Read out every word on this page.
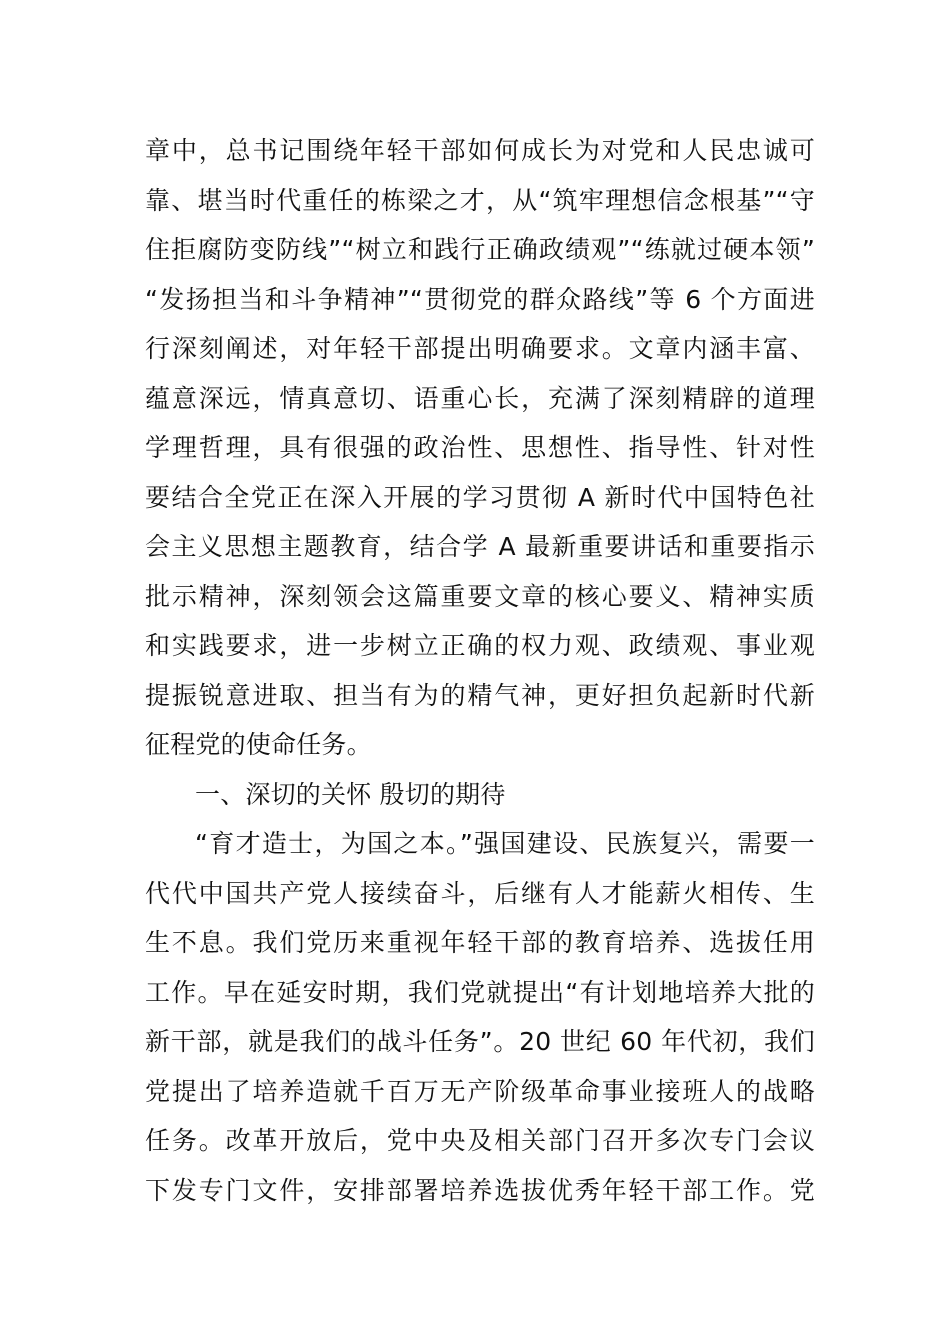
章中，总书记围绕年轻干部如何成长为对党和人民忠诚可
靠、堪当时代重任的栋梁之才，从“筑牢理想信念根基”“守
住拒腐防变防线”“树立和践行正确政绩观”“练就过硬本领”
“发扬担当和斗争精神”“贯彻党的群众路线”等 6 个方面进
行深刻阐述，对年轻干部提出明确要求。文章内涵丰富、
蕴意深远，情真意切、语重心长，充满了深刻精辟的道理
学理哲理，具有很强的政治性、思想性、指导性、针对性
要结合全党正在深入开展的学习贯彻 A 新时代中国特色社
会主义思想主题教育，结合学 A 最新重要讲话和重要指示
批示精神，深刻领会这篇重要文章的核心要义、精神实质
和实践要求，进一步树立正确的权力观、政绩观、事业观
提振锐意进取、担当有为的精气神，更好担负起新时代新
征程党的使命任务。
一、深切的关怀 殷切的期待
“育才造士，为国之本。”强国建设、民族复兴，需要一
代代中国共产党人接续奋斗，后继有人才能薪火相传、生
生不息。我们党历来重视年轻干部的教育培养、选拔任用
工作。早在延安时期，我们党就提出“有计划地培养大批的
新干部，就是我们的战斗任务”。20 世纪 60 年代初，我们
党提出了培养造就千百万无产阶级革命事业接班人的战略
任务。改革开放后，党中央及相关部门召开多次专门会议
下发专门文件，安排部署培养选拔优秀年轻干部工作。党
